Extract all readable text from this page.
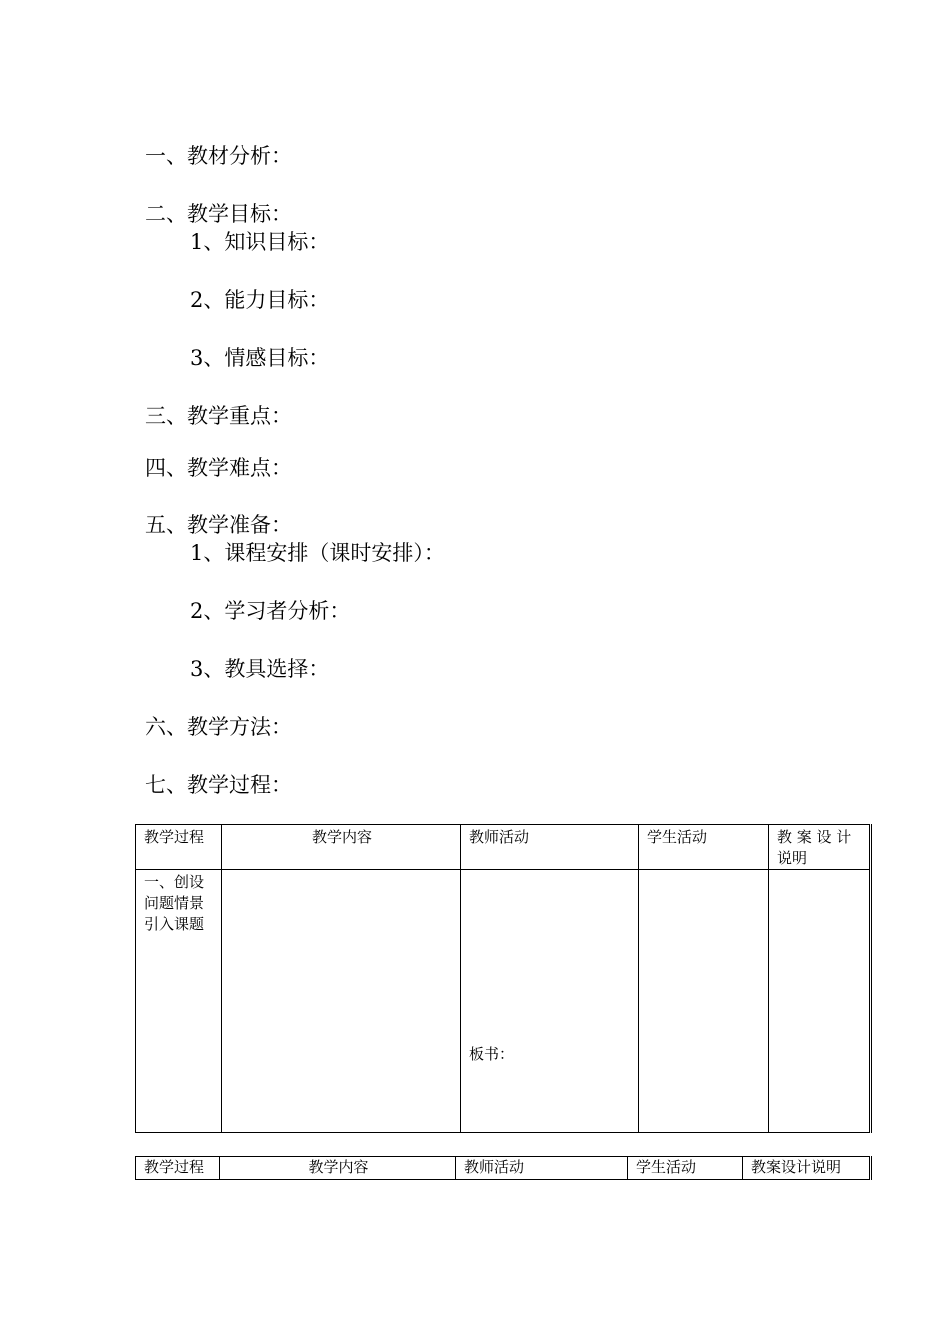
一、教材分析：
二、教学目标：
1、知识目标：
2、能力目标：
3、情感目标：
三、教学重点：
四、教学难点：
五、教学准备：
1、课程安排（课时安排）：
2、学习者分析：
3、教具选择：
六、教学方法：
七、教学过程：
教学过程	教学内容	教师活动	学生活动	教 案 设 计
说明

一、创设
问题情景
引入课题		板书：		

教学过程	教学内容	教师活动	学生活动	教案设计说明
